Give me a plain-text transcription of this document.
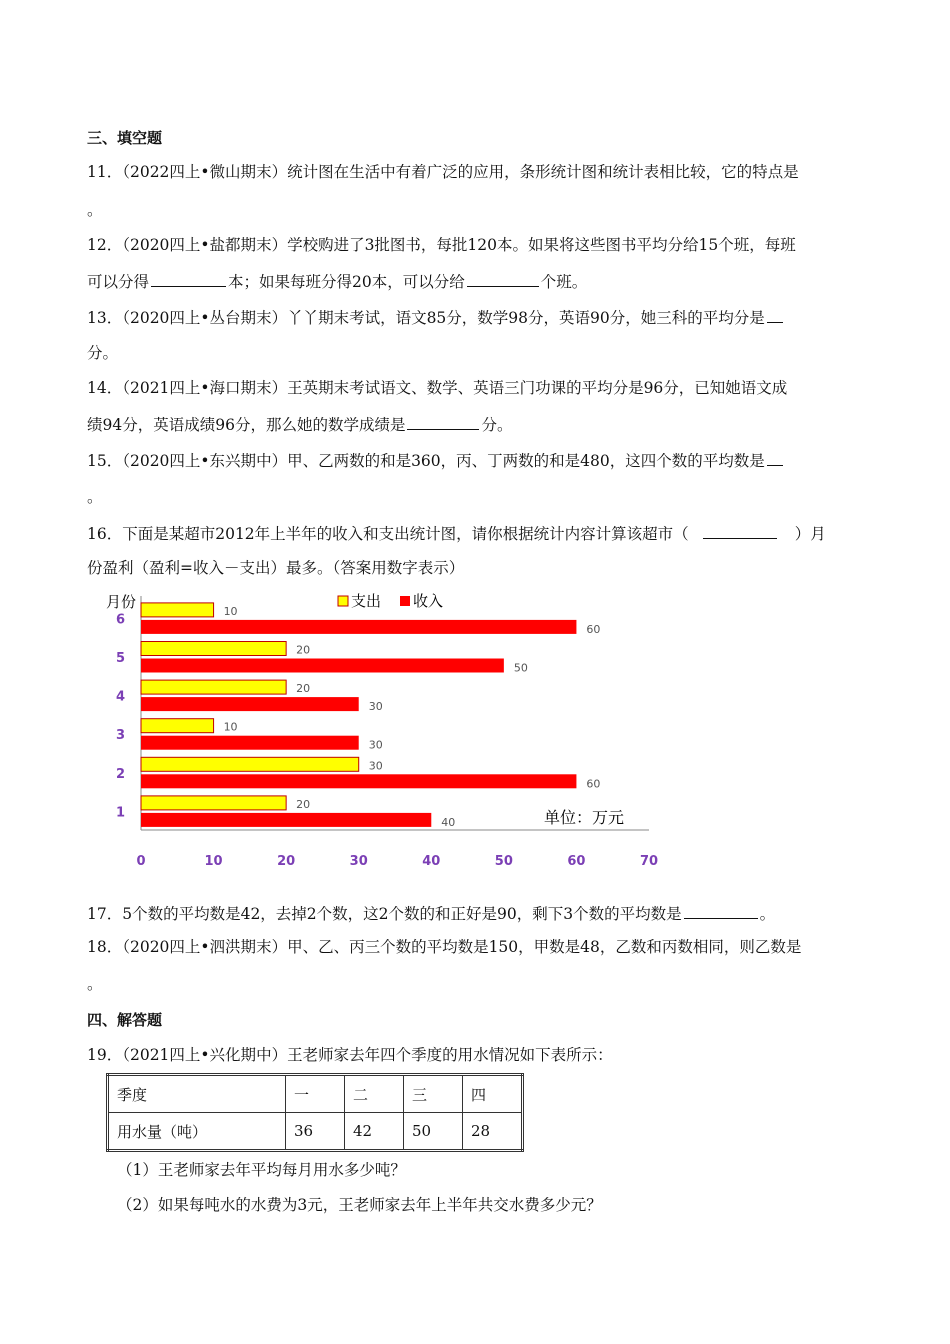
三、填空题
11．（2022四上•微山期末）统计图在生活中有着广泛的应用，条形统计图和统计表相比较，它的特点是
。
12．（2020四上•盐都期末）学校购进了3批图书，每批120本。如果将这些图书平均分给15个班，每班
可以分得	本；如果每班分得20本，可以分给	个班。
13．（2020四上•丛台期末）丫丫期末考试，语文85分，数学98分，英语90分，她三科的平均分是
分。
14．（2021四上•海口期末）王英期末考试语文、数学、英语三门功课的平均分是96分，已知她语文成
绩94分，英语成绩96分，那么她的数学成绩是	分。
15．（2020四上•东兴期中）甲、乙两数的和是360，丙、丁两数的和是480，这四个数的平均数是
。
16．下面是某超市2012年上半年的收入和支出统计图，请你根据统计内容计算该超市（	）月
份盈利（盈利=收入－支出）最多。（答案用数字表示）
月份	支出 收入
1
20
40
2
30
60
3
10
30
4
20
30
5
20
50
6
10
60
0	10	20	30	40	50	60	70
单位：万元
17．5个数的平均数是42，去掉2个数，这2个数的和正好是90，剩下3个数的平均数是	。
18．（2020四上•泗洪期末）甲、乙、丙三个数的平均数是150，甲数是48，乙数和丙数相同，则乙数是
。
四、解答题
19．（2021四上•兴化期中）王老师家去年四个季度的用水情况如下表所示：
季度	一	二	三	四
用水量（吨）	36	42	50	28
（1）王老师家去年平均每月用水多少吨？
（2）如果每吨水的水费为3元，王老师家去年上半年共交水费多少元？
